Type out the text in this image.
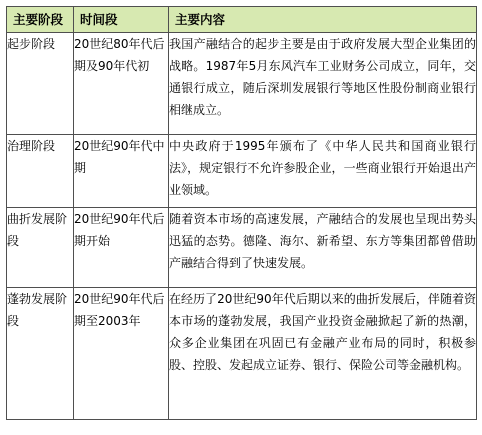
主要阶段	时间段	主要内容
起步阶段	20世纪80年代后期及90年代初	我国产融结合的起步主要是由于政府发展大型企业集团的战略。1987年5月东风汽车工业财务公司成立，同年，交通银行成立，随后深圳发展银行等地区性股份制商业银行相继成立。
治理阶段	20世纪90年代中期	中央政府于1995年颁布了《中华人民共和国商业银行法》，规定银行不允许参股企业，一些商业银行开始退出产业领域。
曲折发展阶段	20世纪90年代后期开始	随着资本市场的高速发展，产融结合的发展也呈现出势头迅猛的态势。德隆、海尔、新希望、东方等集团都曾借助产融结合得到了快速发展。
蓬勃发展阶段	20世纪90年代后期至2003年	在经历了20世纪90年代后期以来的曲折发展后，伴随着资本市场的蓬勃发展，我国产业投资金融掀起了新的热潮，众多企业集团在巩固已有金融产业布局的同时，积极参股、控股、发起成立证券、银行、保险公司等金融机构。
